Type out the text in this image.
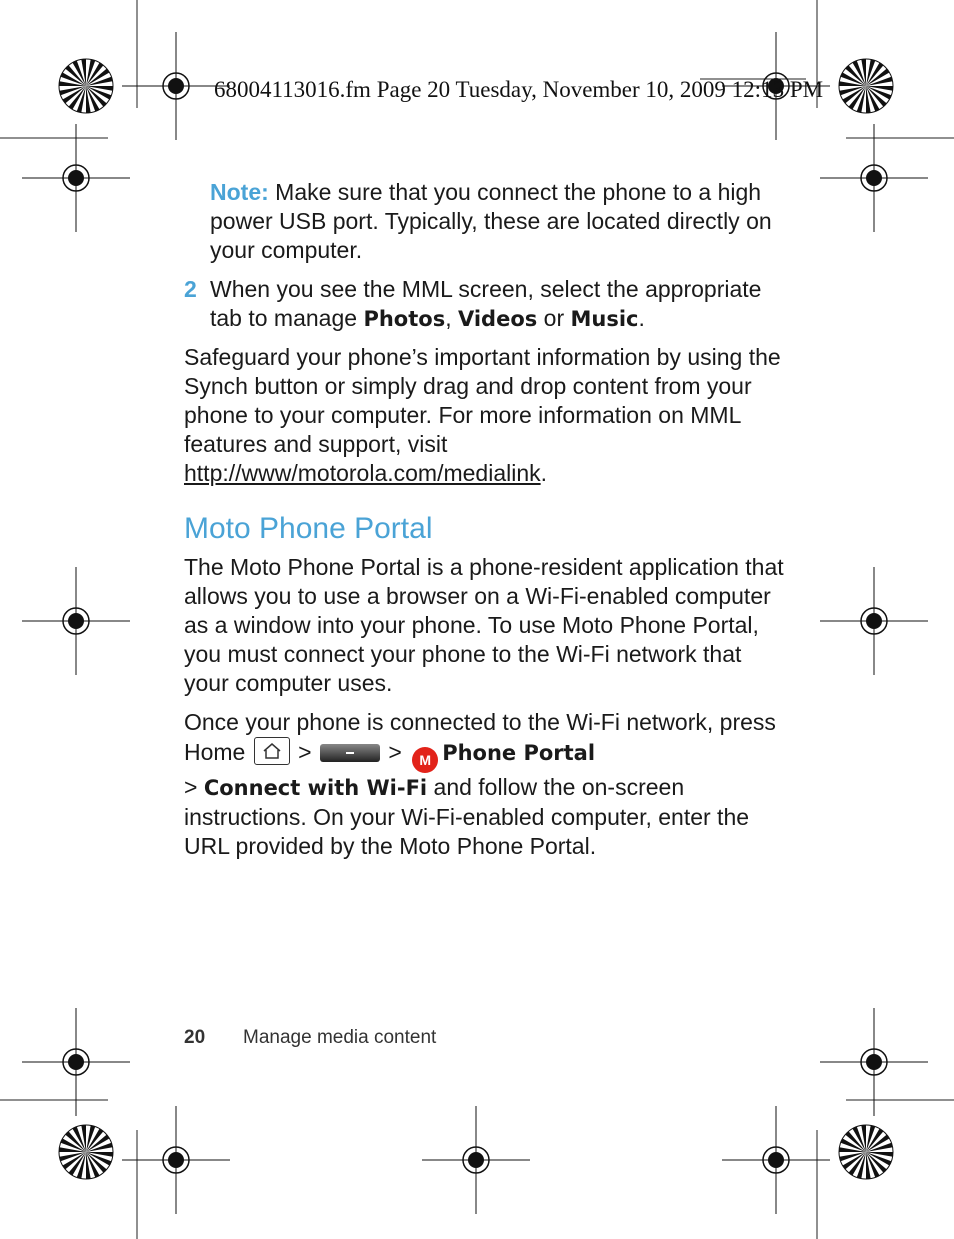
68004113016.fm Page 20 Tuesday, November 10, 2009 12:13 PM
Note: Make sure that you connect the phone to a high power USB port. Typically, these are located directly on your computer.
2 When you see the MML screen, select the appropriate tab to manage Photos, Videos or Music.
Safeguard your phone’s important information by using the Synch button or simply drag and drop content from your phone to your computer. For more information on MML features and support, visit http://www/motorola.com/medialink.
Moto Phone Portal
The Moto Phone Portal is a phone-resident application that allows you to use a browser on a Wi-Fi-enabled computer as a window into your phone. To use Moto Phone Portal, you must connect your phone to the Wi-Fi network that your computer uses.
Once your phone is connected to the Wi-Fi network, press Home  >	> M Phone Portal
> Connect with Wi-Fi and follow the on-screen instructions. On your Wi-Fi-enabled computer, enter the URL provided by the Moto Phone Portal.
20 Manage media content
